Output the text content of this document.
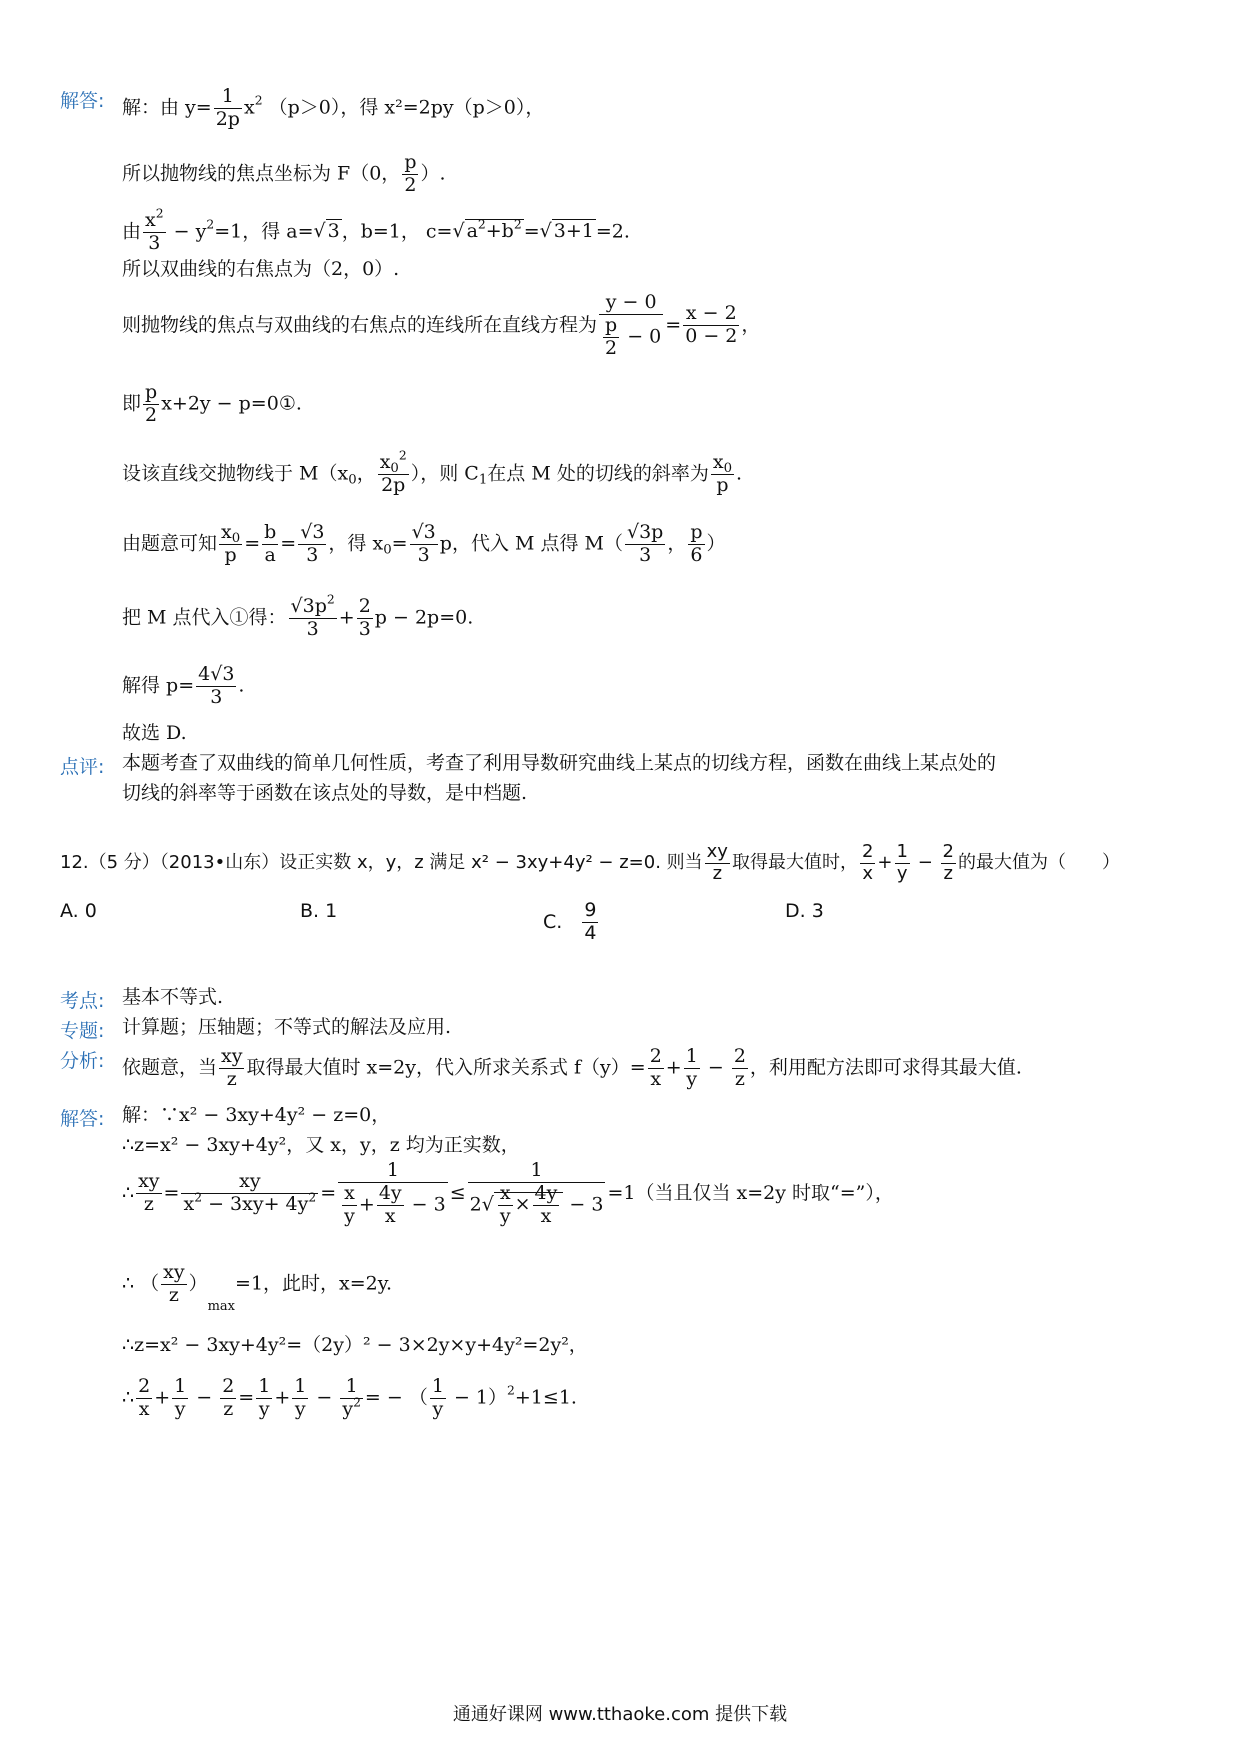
解答: 解：由 $y= \frac{1}{2p} x^2$ （p＞0），得 x²=2py（p＞0），
所以抛物线的焦点坐标为 F（0， $\frac{p}{2}$ ）.
由 $\frac{x^2}{3} - y^2=1$，得 a=√ 3 ，b=1， c=√ $a^2+b^2$ =√ 3+1 =2.
所以双曲线的右焦点为（2，0）.
则抛物线的焦点与双曲线的右焦点的连线所在直线方程为 $\frac{y - 0}{\frac{p}{2} - 0} = \frac{x - 2}{0 - 2}$ ，
即 $\frac{p}{2} x+2y$ − p=0①.
设该直线交抛物线于 $M(x_0$， $\frac{x_0^2}{2p}$ ），则 $C_1$在点 M 处的切线的斜率为 $\frac{x_0}{p}$ .
由题意可知 $\frac{x_0}{p} = \frac{b}{a} = \frac{√3}{3}$ ，得 $x_0= \frac{√3}{3}$ p，代入 M 点得 $M( \frac{√3p}{3}$ ， $\frac{p}{6}$ ）
把 M 点代入①得： $\frac{√3p^2}{3} + \frac{2}{3}$ p − 2p=0.
解得 $p= \frac{4√3}{3}$ .
故选 D.
点评: 本题考查了双曲线的简单几何性质，考查了利用导数研究曲线上某点的切线方程，函数在曲线上某点处的
切线的斜率等于函数在该点处的导数，是中档题.
12.（5 分）（2013•山东）设正实数 x，y，z 满足 x² − 3xy+4y² − z=0. 则当 $\frac{xy}{z}$ 取得最大值时， $\frac{2}{x} + \frac{1}{y} - \frac{2}{z}$ 的最大值为（　　）
A. 0	B. 1	C. $\frac{9}{4}$	D. 3
考点: 基本不等式.
专题: 计算题；压轴题；不等式的解法及应用.
分析: 依题意，当 $\frac{xy}{z}$ 取得最大值时 x=2y，代入所求关系式 $f(y)= \frac{2}{x} + \frac{1}{y} - \frac{2}{z}$ ，利用配方法即可求得其最大值.
解答: 解：∵x² − 3xy+4y² − z=0，
∴z=x² − 3xy+4y²，又 x，y，z 均为正实数，
∴ $\frac{xy}{z} = \frac{xy}{x^2 - 3xy+ 4y^2} = \frac{1}{\frac{x}{y} + \frac{4y}{x} - 3} \le \frac{1}{2√ \frac{x}{y} \times \frac{4y}{x} - 3} =1$（当且仅当 x=2y 时取“=”），
∴ （ $\frac{xy}{z} )_{max}=1$，此时，x=2y.
∴z=x² − 3xy+4y²=（2y）² − 3×2y×y+4y²=2y²，
∴ $\frac{2}{x} + \frac{1}{y} - \frac{2}{z} = \frac{1}{y} + \frac{1}{y} - \frac{1}{y^2}$ = − （ $\frac{1}{y} - 1)^2+1\le 1$.
通通好课网 www.tthaoke.com 提供下载
